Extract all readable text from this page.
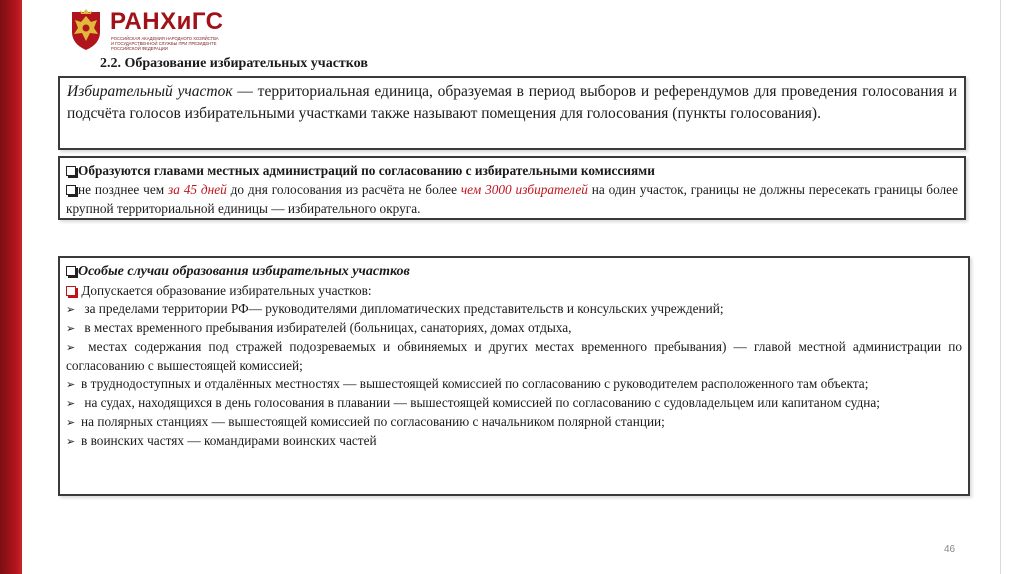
РАНХиГС
РОССИЙСКАЯ АКАДЕМИЯ НАРОДНОГО ХОЗЯЙСТВА И ГОСУДАРСТВЕННОЙ СЛУЖБЫ ПРИ ПРЕЗИДЕНТЕ РОССИЙСКОЙ ФЕДЕРАЦИИ
2.2. Образование избирательных участков

Избирательный участок — территориальная единица, образуемая в период выборов и референдумов для проведения голосования и подсчёта голосов избирательными участками также называют помещения для голосования (пункты голосования).

Образуются главами местных администраций по согласованию с избирательными комиссиями
не позднее чем за 45 дней до дня голосования из расчёта не более чем 3000 избирателей на один участок, границы не должны пересекать границы более крупной территориальной единицы — избирательного округа.
Особые случаи образования избирательных участков
Допускается образование избирательных участков:
➢ за пределами территории РФ— руководителями дипломатических представительств и консульских учреждений;
➢ в местах временного пребывания избирателей (больницах, санаториях, домах отдыха,
➢ местах содержания под стражей подозреваемых и обвиняемых и других местах временного пребывания) — главой местной администрации по согласованию с вышестоящей комиссией;
➢ в труднодоступных и отдалённых местностях — вышестоящей комиссией по согласованию с руководителем расположенного там объекта;
➢ на судах, находящихся в день голосования в плавании — вышестоящей комиссией по согласованию с судовладельцем или капитаном судна;
➢ на полярных станциях — вышестоящей комиссией по согласованию с начальником полярной станции;
➢ в воинских частях — командирами воинских частей
46
